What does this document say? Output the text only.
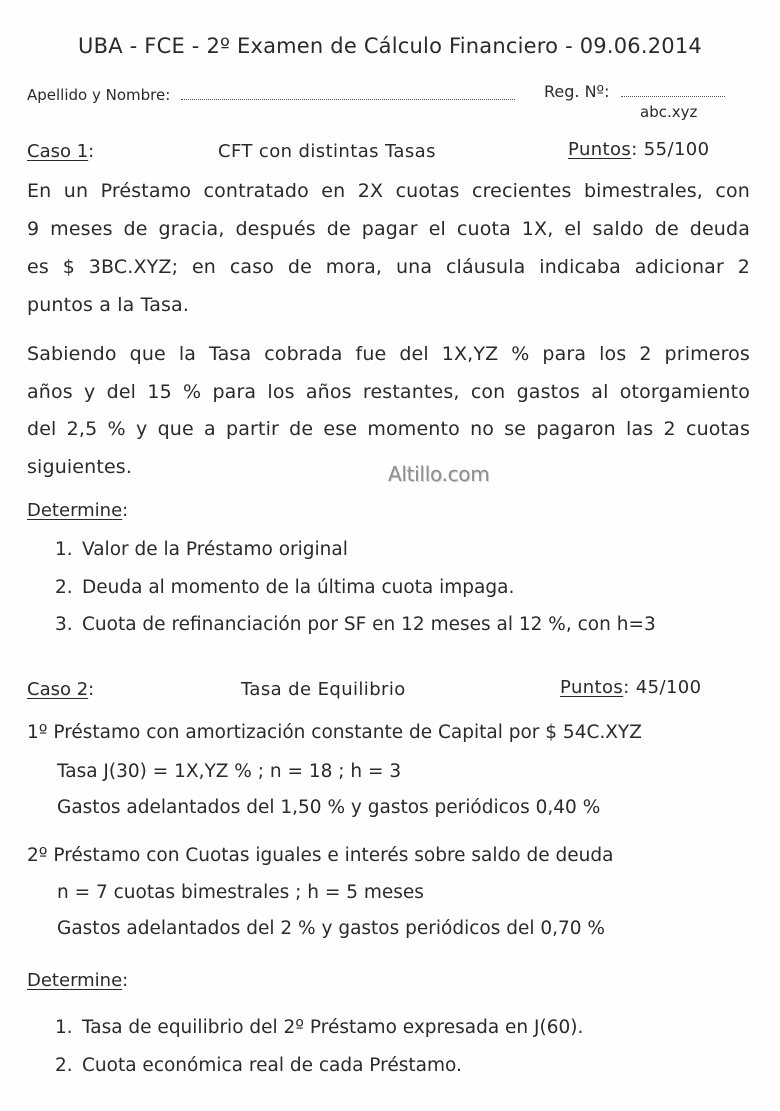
UBA - FCE - 2º Examen de Cálculo Financiero - 09.06.2014
Apellido y Nombre:	Reg. Nº:
abc.xyz
Caso 1:	CFT con distintas Tasas	Puntos: 55/100
En un Préstamo contratado en 2X cuotas crecientes bimestrales, con
9 meses de gracia, después de pagar el cuota 1X, el saldo de deuda
es $ 3BC.XYZ; en caso de mora, una cláusula indicaba adicionar 2
puntos a la Tasa.
Sabiendo que la Tasa cobrada fue del 1X,YZ % para los 2 primeros
años y del 15 % para los años restantes, con gastos al otorgamiento
del 2,5 % y que a partir de ese momento no se pagaron las 2 cuotas
siguientes.	Altillo.com
Determine:
1. Valor de la Préstamo original
2. Deuda al momento de la última cuota impaga.
3. Cuota de refinanciación por SF en 12 meses al 12 %, con h=3
Caso 2:	Tasa de Equilibrio	Puntos: 45/100
1º Préstamo con amortización constante de Capital por $ 54C.XYZ
Tasa J(30) = 1X,YZ % ; n = 18 ; h = 3
Gastos adelantados del 1,50 % y gastos periódicos 0,40 %
2º Préstamo con Cuotas iguales e interés sobre saldo de deuda
n = 7 cuotas bimestrales ; h = 5 meses
Gastos adelantados del 2 % y gastos periódicos del 0,70 %
Determine:
1. Tasa de equilibrio del 2º Préstamo expresada en J(60).
2. Cuota económica real de cada Préstamo.
